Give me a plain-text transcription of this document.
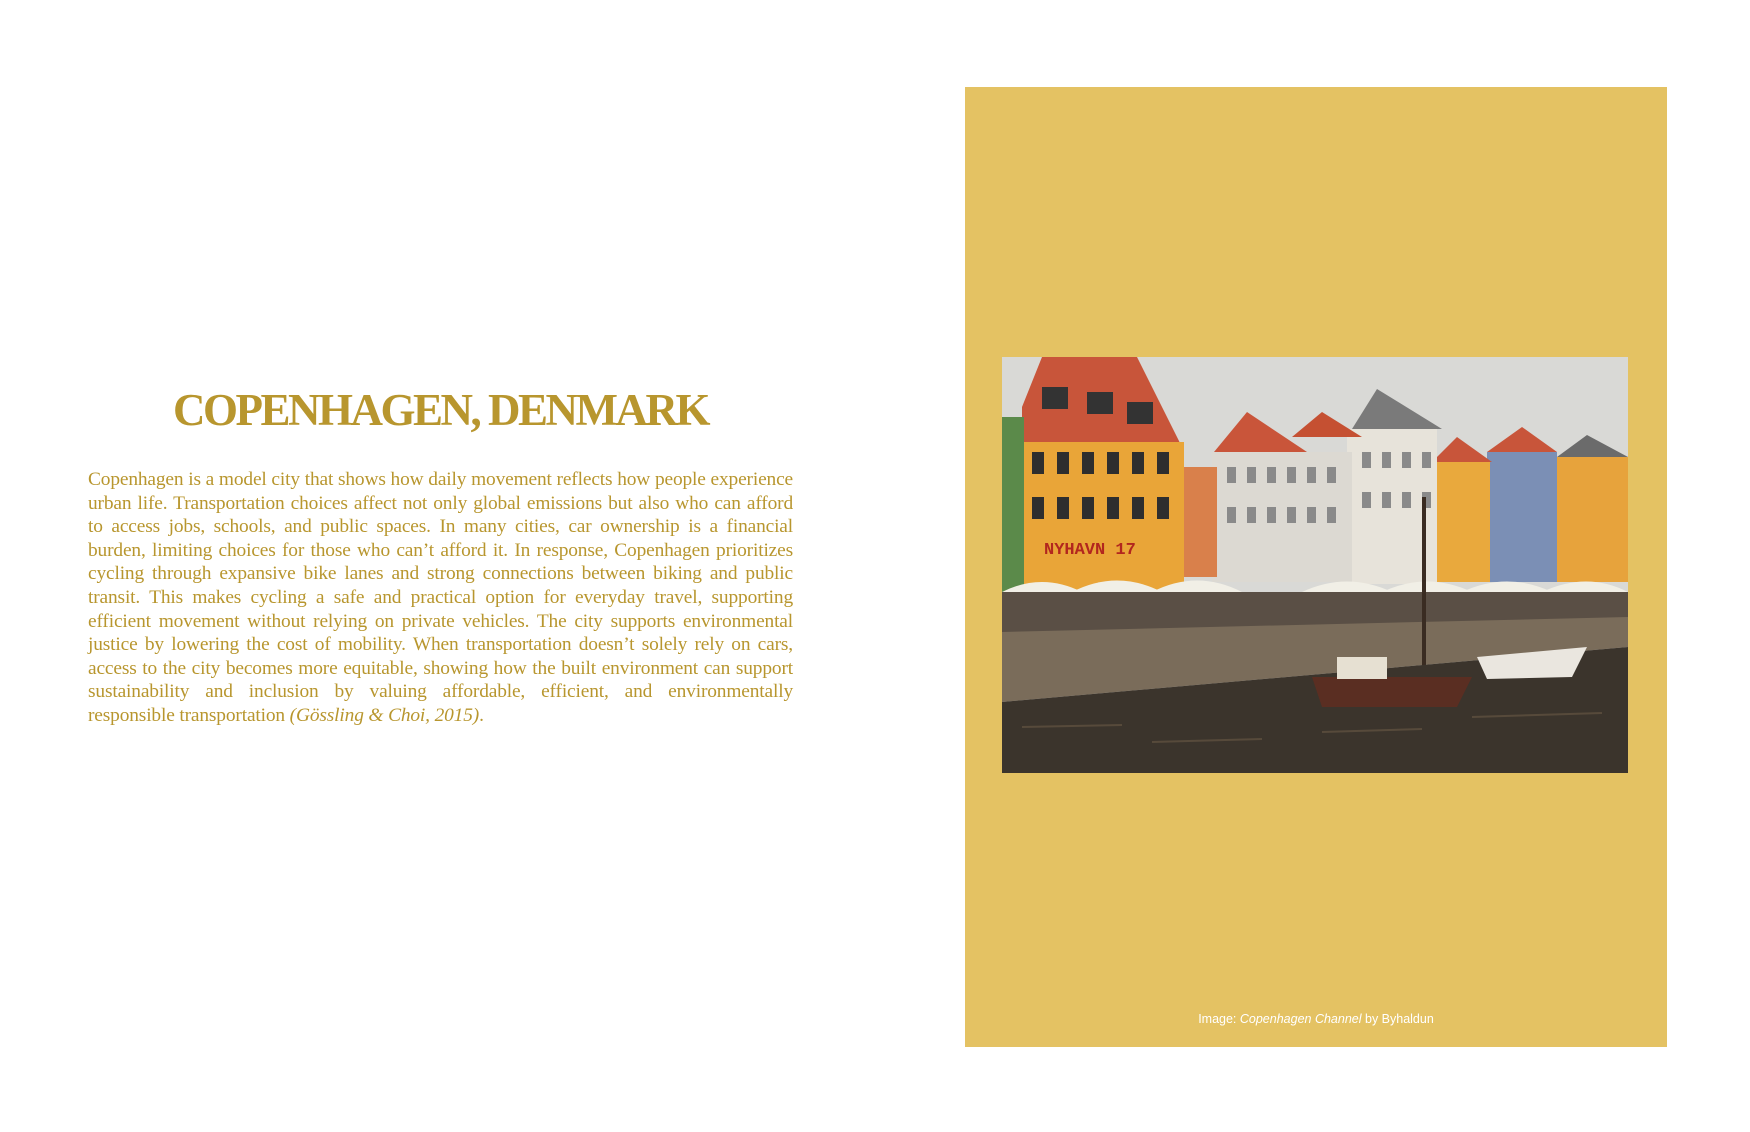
COPENHAGEN, DENMARK

Copenhagen is a model city that shows how daily movement reflects how people experience urban life. Transportation choices affect not only global emissions but also who can afford to access jobs, schools, and public spaces. In many cities, car ownership is a financial burden, limiting choices for those who can’t afford it. In response, Copenhagen prioritizes cycling through expansive bike lanes and strong connections between biking and public transit. This makes cycling a safe and practical option for everyday travel, supporting efficient movement without relying on private vehicles. The city supports environmental justice by lowering the cost of mobility. When transportation doesn’t solely rely on cars, access to the city becomes more equitable, showing how the built environment can support sustainability and inclusion by valuing affordable, efficient, and environmentally responsible transportation (Gössling & Choi, 2015).

NYHAVN 17
Image: Copenhagen Channel by Byhaldun
